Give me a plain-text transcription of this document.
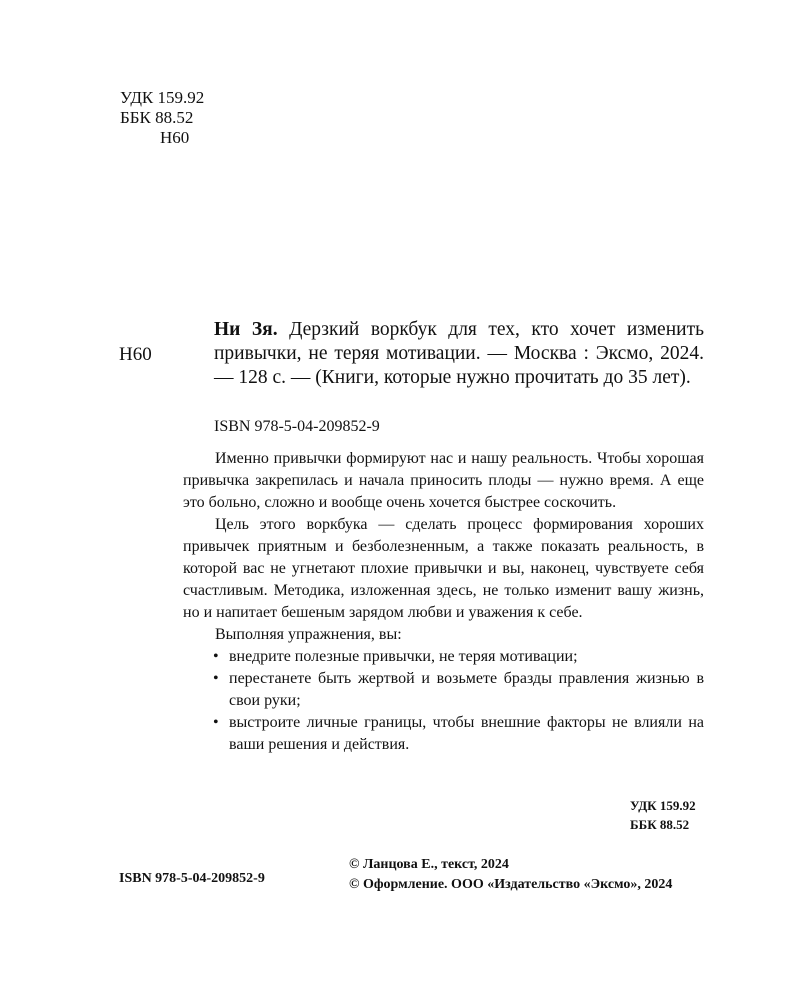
УДК 159.92
ББК 88.52
Н60
Н60
Ни Зя. Дерзкий воркбук для тех, кто хочет изменить привычки, не теряя мотивации. — Москва : Эксмо, 2024. — 128 с. — (Книги, которые нужно прочитать до 35 лет).
ISBN 978-5-04-209852-9

Именно привычки формируют нас и нашу реальность. Чтобы хорошая привычка закрепилась и начала приносить плоды — нужно время. А еще это больно, сложно и вообще очень хочется быстрее соскочить.

Цель этого воркбука — сделать процесс формирования хороших привычек приятным и безболезненным, а также показать реальность, в которой вас не угнетают плохие привычки и вы, наконец, чувствуете себя счастливым. Методика, изложенная здесь, не только изменит вашу жизнь, но и напитает бешеным зарядом любви и уважения к себе.

Выполняя упражнения, вы:

• внедрите полезные привычки, не теряя мотивации;
• перестанете быть жертвой и возьмете бразды правления жизнью в свои руки;
• выстроите личные границы, чтобы внешние факторы не влияли на ваши решения и действия.
УДК 159.92
ББК 88.52
ISBN 978-5-04-209852-9
© Ланцова Е., текст, 2024
© Оформление. ООО «Издательство «Эксмо», 2024
